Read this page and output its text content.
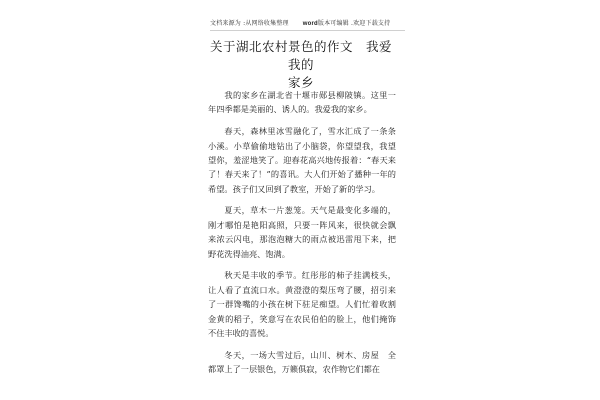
文档来源为 :从网络收集整理 word版本可编辑 .欢迎下载支持
关于湖北农村景色的作文　我爱我的
家乡

我的家乡在湖北省十堰市郧县柳陂镇。这里一年四季都是美丽的、诱人的。我爱我的家乡。

春天，森林里冰雪融化了，雪水汇成了一条条小溪。小草偷偷地钻出了小脑袋，你望望我，我望望你，羞涩地笑了。迎春花高兴地传报着：“春天来了！春天来了！”的喜讯。大人们开始了播种一年的希望。孩子们又回到了教室，开始了新的学习。

夏天，草木一片葱笼。天气是最变化多端的，刚才哪怕是艳阳高照，只要一阵风来，很快就会飘来浓云闪电，那泡泡糖大的雨点被迅雷甩下来，把野花洗得油亮、饱满。

秋天是丰收的季节。红彤彤的柿子挂满枝头，让人看了直流口水。黄澄澄的梨压弯了腰，招引来了一群馋嘴的小孩在树下驻足痴望。人们忙着收割金黄的稻子，笑意写在农民伯伯的脸上，他们掩饰不住丰收的喜悦。

冬天，一场大雪过后，山川、树木、房屋　全都罩上了一层银色，万籁俱寂，农作物它们都在
